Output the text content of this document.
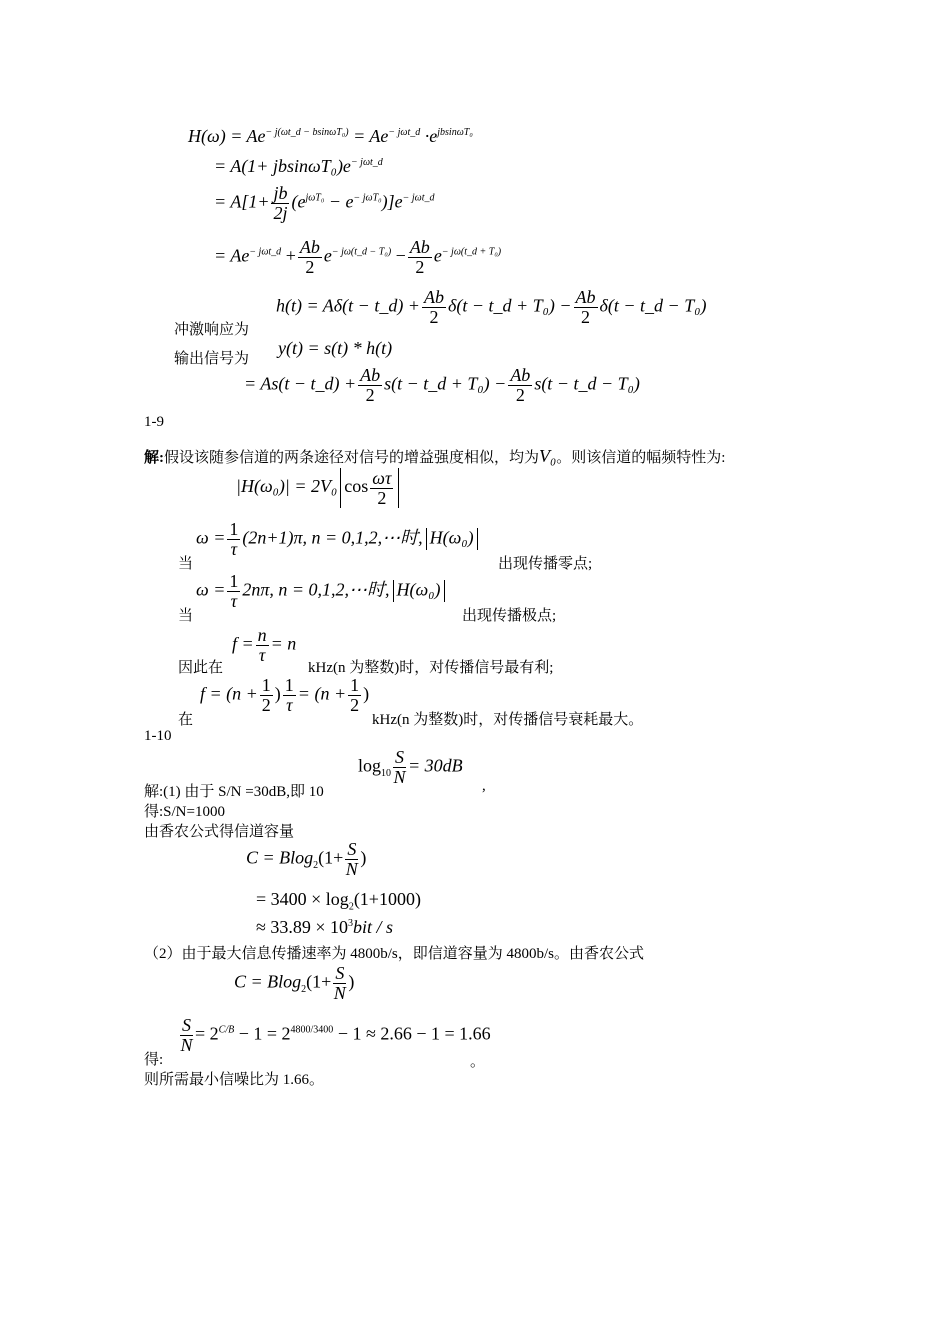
$H(\omega) = Ae^{- j(\omega t\_d - bsin\omega T_0)} = Ae^{- j\omega t\_d} \cdot e^{jbsin\omega T_0}$
= $A(1+ jbsin\omega T_0)e^{- j\omega t\_d}$
= $A[1+ \frac{jb}{2j} (e^{j\omega T_0} - e^{- j\omega T_0})]e^{- j\omega t\_d}$
= $Ae^{- j\omega t\_d} + \frac{Ab}{2} e^{- j\omega(t\_d - T_0)} - \frac{Ab}{2} e^{- j\omega(t\_d + T_0)}$
h(t) = Aδ(t − t_d) + $\frac{Ab}{2} \delta(t$ − t_d + $T_0) - \frac{Ab}{2} \delta(t$ − t_d − T₀)
冲激响应为
输出信号为
y(t) = s(t) * h(t)
= As(t − t_d) + $\frac{Ab}{2} s(t$ − t_d + $T_0) - \frac{Ab}{2} s(t$ − t_d − T₀)
1-9
解:假设该随参信道的两条途径对信号的增益强度相似，均为V₀。则该信道的幅频特性为:
|H(ω₀)| = 2V₀ $\cos \frac{\omega\tau}{2}$
当
$\omega = \frac{1}{\tau} (2n+1)\pi$, n = 0,1,2,⋯时, H(ω₀)
出现传播零点;
当
$\omega = \frac{1}{\tau} 2n\pi$, n = 0,1,2,⋯时, H(ω₀)
出现传播极点;
因此在
$f = \frac{n}{\tau} = n$
kHz(n 为整数)时，对传播信号最有利;
在
$f = (n + \frac{1}{2}$ ) $\frac{1}{\tau} = (n + \frac{1}{2}$ )
kHz(n 为整数)时，对传播信号衰耗最大。
1-10
$\log_{10} \frac{S}{N} = 30dB$
,
解:(1) 由于 S/N =30dB,即 10
得:S/N=1000
由香农公式得信道容量
$C = Blog_2(1+ \frac{S}{N}$ )
= $3400 \times \log_2(1+1000)$
≈ $33.89 \times 10^3bit / s$
（2）由于最大信息传播速率为 4800b/s，即信道容量为 4800b/s。由香农公式
$C = Blog_2(1+ \frac{S}{N}$ )
$\frac{S}{N} = 2^{C/B} - 1 = 2^{4800/3400} - 1 \approx 2.66 - 1 = 1.66$
得:	。
则所需最小信噪比为 1.66。
